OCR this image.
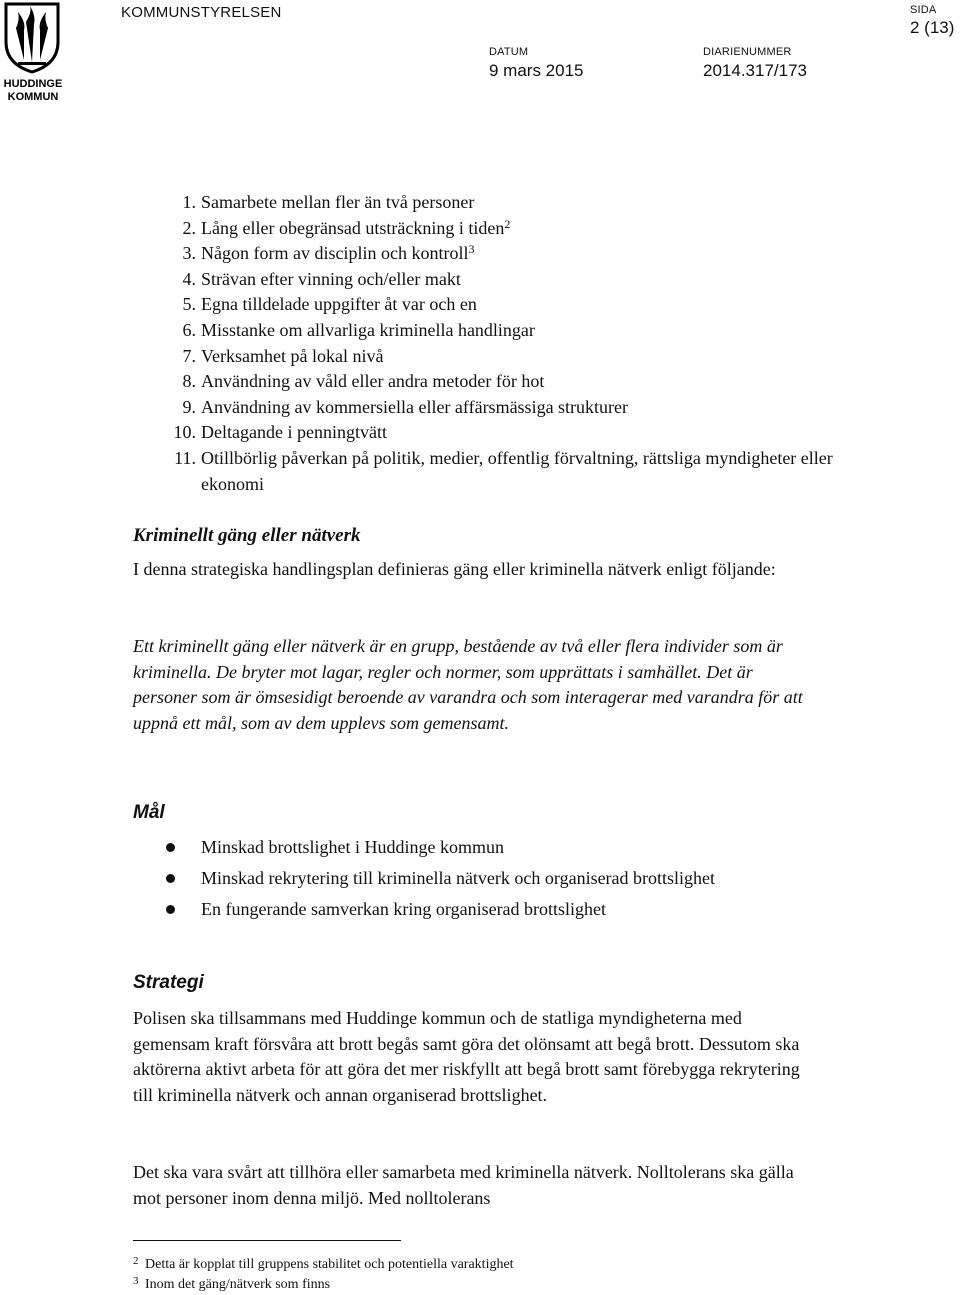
HUDDINGE
KOMMUN
KOMMUNSTYRELSEN
DATUM
9 mars 2015
DIARIENUMMER
2014.317/173
SIDA
2 (13)
1. Samarbete mellan fler än två personer
2. Lång eller obegränsad utsträckning i tiden$^2$
3. Någon form av disciplin och kontroll$^3$
4. Strävan efter vinning och/eller makt
5. Egna tilldelade uppgifter åt var och en
6. Misstanke om allvarliga kriminella handlingar
7. Verksamhet på lokal nivå
8. Användning av våld eller andra metoder för hot
9. Användning av kommersiella eller affärsmässiga strukturer
10. Deltagande i penningtvätt
11. Otillbörlig påverkan på politik, medier, offentlig förvaltning, rättsliga myndigheter eller ekonomi
Kriminellt gäng eller nätverk

I denna strategiska handlingsplan definieras gäng eller kriminella nätverk enligt följande:

Ett kriminellt gäng eller nätverk är en grupp, bestående av två eller flera individer som är kriminella. De bryter mot lagar, regler och normer, som upprättats i samhället. Det är personer som är ömsesidigt beroende av varandra och som interagerar med varandra för att uppnå ett mål, som av dem upplevs som gemensamt.

Mål
Minskad brottslighet i Huddinge kommun
Minskad rekrytering till kriminella nätverk och organiserad brottslighet
En fungerande samverkan kring organiserad brottslighet
Strategi

Polisen ska tillsammans med Huddinge kommun och de statliga myndigheterna med gemensam kraft försvåra att brott begås samt göra det olönsamt att begå brott. Dessutom ska aktörerna aktivt arbeta för att göra det mer riskfyllt att begå brott samt förebygga rekrytering till kriminella nätverk och annan organiserad brottslighet.

Det ska vara svårt att tillhöra eller samarbeta med kriminella nätverk. Nolltolerans ska gälla mot personer inom denna miljö. Med nolltolerans

2 Detta är kopplat till gruppens stabilitet och potentiella varaktighet
3 Inom det gäng/nätverk som finns
